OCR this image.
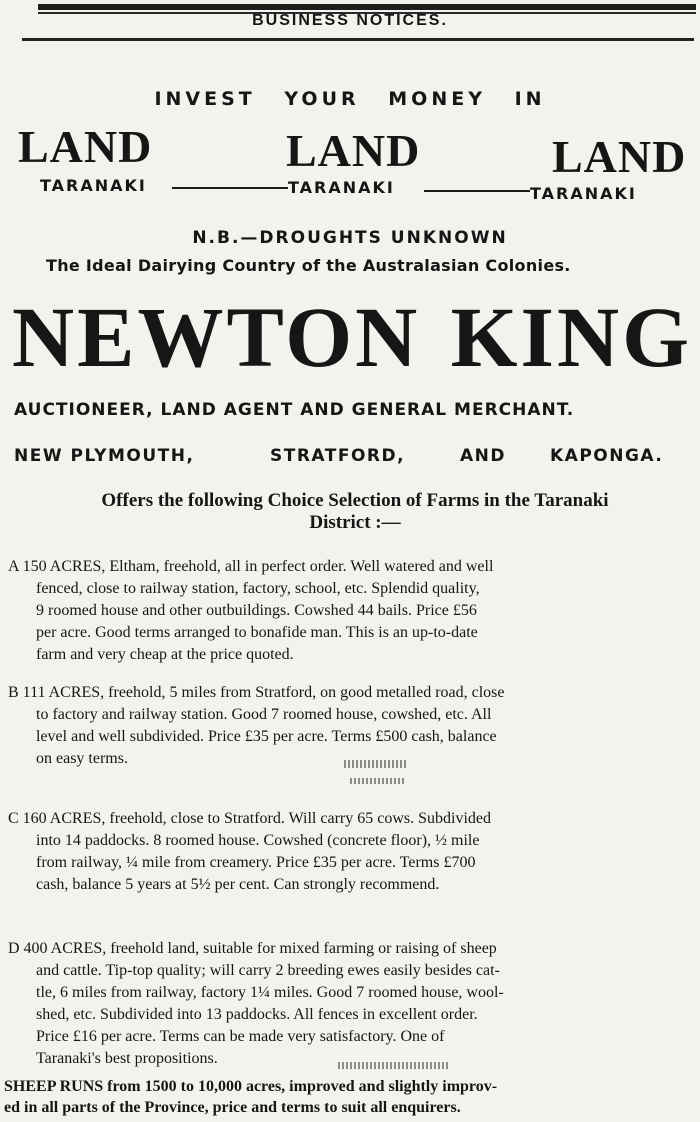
BUSINESS NOTICES.
INVEST YOUR MONEY IN
LAND	LAND	LAND
TARANAKI	TARANAKI	TARANAKI
N.B.—DROUGHTS UNKNOWN
The Ideal Dairying Country of the Australasian Colonies.
NEWTON KING
AUCTIONEER, LAND AGENT AND GENERAL MERCHANT.
NEW PLYMOUTH,	STRATFORD,	AND	KAPONGA.
Offers the following Choice Selection of Farms in the Taranaki
District :—
A 150 ACRES, Eltham, freehold, all in perfect order. Well watered and well
fenced, close to railway station, factory, school, etc. Splendid quality,
9 roomed house and other outbuildings. Cowshed 44 bails. Price £56
per acre. Good terms arranged to bonafide man. This is an up-to-date
farm and very cheap at the price quoted.
B 111 ACRES, freehold, 5 miles from Stratford, on good metalled road, close
to factory and railway station. Good 7 roomed house, cowshed, etc. All
level and well subdivided. Price £35 per acre. Terms £500 cash, balance
on easy terms.
C 160 ACRES, freehold, close to Stratford. Will carry 65 cows. Subdivided
into 14 paddocks. 8 roomed house. Cowshed (concrete floor), ½ mile
from railway, ¼ mile from creamery. Price £35 per acre. Terms £700
cash, balance 5 years at 5½ per cent. Can strongly recommend.
D 400 ACRES, freehold land, suitable for mixed farming or raising of sheep
and cattle. Tip-top quality; will carry 2 breeding ewes easily besides cat-
tle, 6 miles from railway, factory 1¼ miles. Good 7 roomed house, wool-
shed, etc. Subdivided into 13 paddocks. All fences in excellent order.
Price £16 per acre. Terms can be made very satisfactory. One of
Taranaki's best propositions.
SHEEP RUNS from 1500 to 10,000 acres, improved and slightly improv-
ed in all parts of the Province, price and terms to suit all enquirers.
